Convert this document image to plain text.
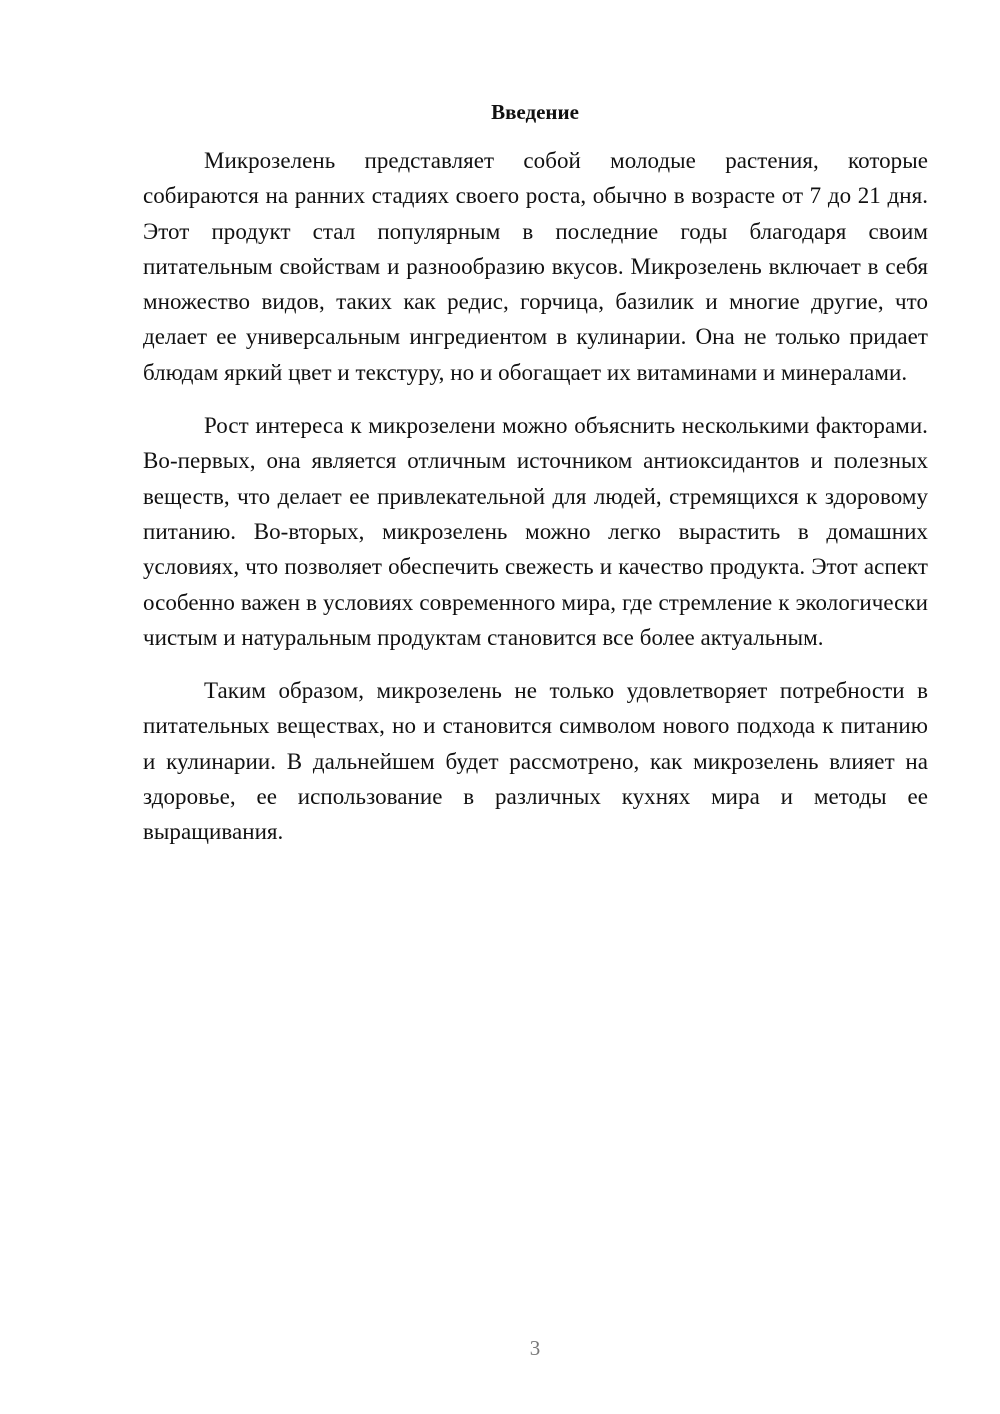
Введение

Микрозелень представляет собой молодые растения, которые собираются на ранних стадиях своего роста, обычно в возрасте от 7 до 21 дня. Этот продукт стал популярным в последние годы благодаря своим питательным свойствам и разнообразию вкусов. Микрозелень включает в себя множество видов, таких как редис, горчица, базилик и многие другие, что делает ее универсальным ингредиентом в кулинарии. Она не только придает блюдам яркий цвет и текстуру, но и обогащает их витаминами и минералами.

Рост интереса к микрозелени можно объяснить несколькими факторами. Во-первых, она является отличным источником антиоксидантов и полезных веществ, что делает ее привлекательной для людей, стремящихся к здоровому питанию. Во-вторых, микрозелень можно легко вырастить в домашних условиях, что позволяет обеспечить свежесть и качество продукта. Этот аспект особенно важен в условиях современного мира, где стремление к экологически чистым и натуральным продуктам становится все более актуальным.

Таким образом, микрозелень не только удовлетворяет потребности в питательных веществах, но и становится символом нового подхода к питанию и кулинарии. В дальнейшем будет рассмотрено, как микрозелень влияет на здоровье, ее использование в различных кухнях мира и методы ее выращивания.

3
